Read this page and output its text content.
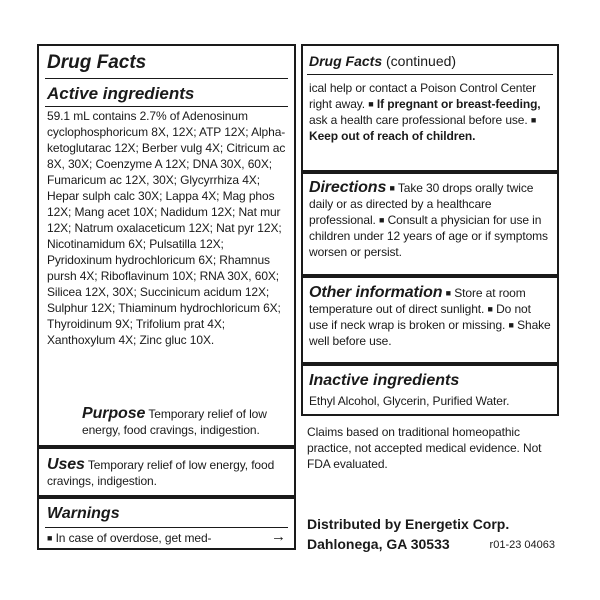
Drug Facts
Active ingredients
59.1 mL contains 2.7% of Adenosinum cyclophosphoricum 8X, 12X; ATP 12X; Alpha-ketoglutarac 12X; Berber vulg 4X; Citricum ac 8X, 30X; Coenzyme A 12X; DNA 30X, 60X; Fumaricum ac 12X, 30X; Glycyrrhiza 4X; Hepar sulph calc 30X; Lappa 4X; Mag phos 12X; Mang acet 10X; Nadidum 12X; Nat mur 12X; Natrum oxalaceticum 12X; Nat pyr 12X; Nicotinamidum 6X; Pulsatilla 12X; Pyridoxinum hydrochloricum 6X; Rhamnus pursh 4X; Riboflavinum 10X; RNA 30X, 60X; Silicea 12X, 30X; Succinicum acidum 12X; Sulphur 12X; Thiaminum hydrochloricum 6X; Thyroidinum 9X; Trifolium prat 4X; Xanthoxylum 4X; Zinc gluc 10X.
Purpose Temporary relief of low energy, food cravings, indigestion.
Uses Temporary relief of low energy, food cravings, indigestion.
Warnings
■ In case of overdose, get med-	→
Drug Facts (continued)
ical help or contact a Poison Control Center right away. ■ If pregnant or breast-feeding, ask a health care professional before use. ■ Keep out of reach of children.
Directions ■ Take 30 drops orally twice daily or as directed by a healthcare professional. ■ Consult a physician for use in children under 12 years of age or if symptoms worsen or persist.
Other information ■ Store at room temperature out of direct sunlight. ■ Do not use if neck wrap is broken or missing. ■ Shake well before use.
Inactive ingredients
Ethyl Alcohol, Glycerin, Purified Water.
Claims based on traditional homeopathic practice, not accepted medical evidence. Not FDA evaluated.
Distributed by Energetix Corp.
Dahlonega, GA 30533	r01-23 04063
